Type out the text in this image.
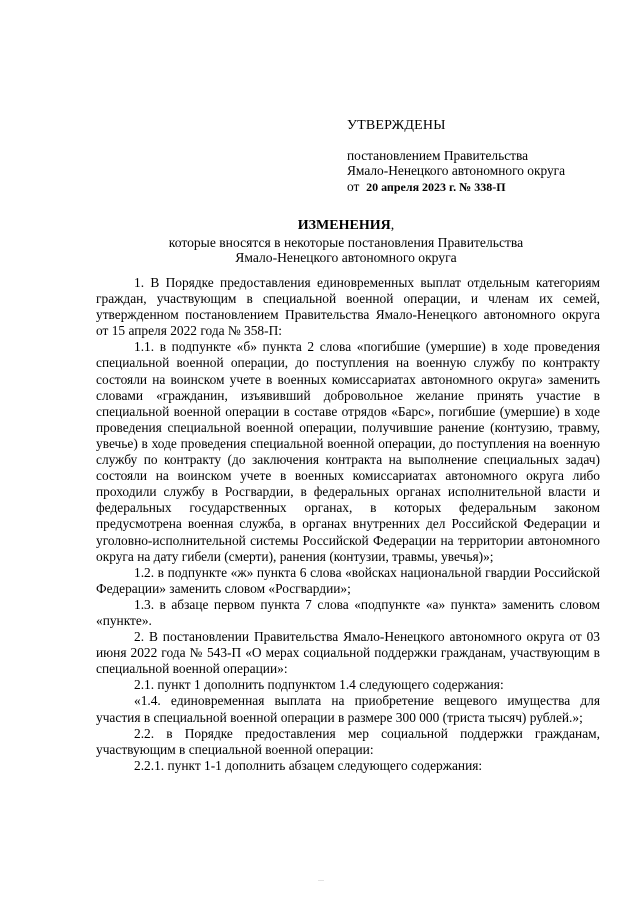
УТВЕРЖДЕНЫ
постановлением Правительства
Ямало-Ненецкого автономного округа
от 20 апреля 2023 г. № 338-П
ИЗМЕНЕНИЯ,
которые вносятся в некоторые постановления Правительства
Ямало-Ненецкого автономного округа

1. В Порядке предоставления единовременных выплат отдельным категориям граждан, участвующим в специальной военной операции, и членам их семей, утвержденном постановлением Правительства Ямало-Ненецкого автономного округа от 15 апреля 2022 года № 358-П:

1.1. в подпункте «б» пункта 2 слова «погибшие (умершие) в ходе проведения специальной военной операции, до поступления на военную службу по контракту состояли на воинском учете в военных комиссариатах автономного округа» заменить словами «гражданин, изъявивший добровольное желание принять участие в специальной военной операции в составе отрядов «Барс», погибшие (умершие) в ходе проведения специальной военной операции, получившие ранение (контузию, травму, увечье) в ходе проведения специальной военной операции, до поступления на военную службу по контракту (до заключения контракта на выполнение специальных задач) состояли на воинском учете в военных комиссариатах автономного округа либо проходили службу в Росгвардии, в федеральных органах исполнительной власти и федеральных государственных органах, в которых федеральным законом предусмотрена военная служба, в органах внутренних дел Российской Федерации и уголовно-исполнительной системы Российской Федерации на территории автономного округа на дату гибели (смерти), ранения (контузии, травмы, увечья)»;

1.2. в подпункте «ж» пункта 6 слова «войсках национальной гвардии Российской Федерации» заменить словом «Росгвардии»;

1.3. в абзаце первом пункта 7 слова «подпункте «а» пункта» заменить словом «пункте».

2. В постановлении Правительства Ямало-Ненецкого автономного округа от 03 июня 2022 года № 543-П «О мерах социальной поддержки гражданам, участвующим в специальной военной операции»:

2.1. пункт 1 дополнить подпунктом 1.4 следующего содержания:

«1.4. единовременная выплата на приобретение вещевого имущества для участия в специальной военной операции в размере 300 000 (триста тысяч) рублей.»;

2.2. в Порядке предоставления мер социальной поддержки гражданам, участвующим в специальной военной операции:

2.2.1. пункт 1-1 дополнить абзацем следующего содержания:
